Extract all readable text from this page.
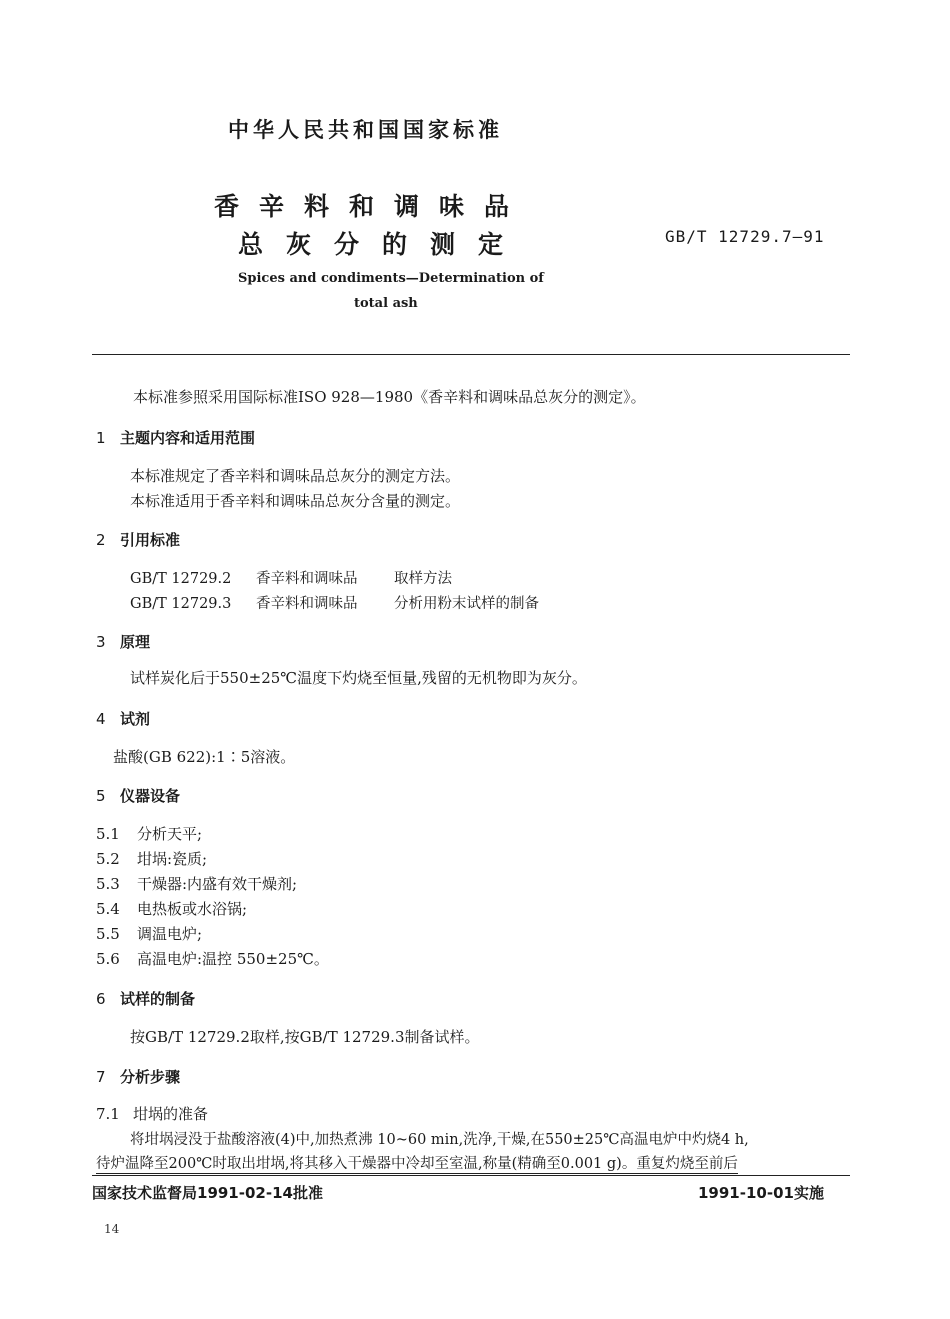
中华人民共和国国家标准
香辛料和调味品
总灰分的测定	GB/T 12729.7—91
Spices and condiments—Determination of
total ash
本标准参照采用国际标准ISO 928—1980《香辛料和调味品总灰分的测定》。
1 主题内容和适用范围
本标准规定了香辛料和调味品总灰分的测定方法。
本标准适用于香辛料和调味品总灰分含量的测定。
2 引用标准
GB/T 12729.2 香辛料和调味品	取样方法
GB/T 12729.3 香辛料和调味品	分析用粉末试样的制备
3 原理
试样炭化后于550±25℃温度下灼烧至恒量,残留的无机物即为灰分。
4 试剂
盐酸(GB 622):1∶5溶液。
5 仪器设备
5.1 分析天平;
5.2 坩埚:瓷质;
5.3 干燥器:内盛有效干燥剂;
5.4 电热板或水浴锅;
5.5 调温电炉;
5.6 高温电炉:温控 550±25℃。
6 试样的制备
按GB/T 12729.2取样,按GB/T 12729.3制备试样。
7 分析步骤
7.1 坩埚的准备
将坩埚浸没于盐酸溶液(4)中,加热煮沸 10~60 min,洗净,干燥,在550±25℃高温电炉中灼烧4 h,
待炉温降至200℃时取出坩埚,将其移入干燥器中冷却至室温,称量(精确至0.001 g)。重复灼烧至前后
国家技术监督局1991-02-14批准	1991-10-01实施
14
